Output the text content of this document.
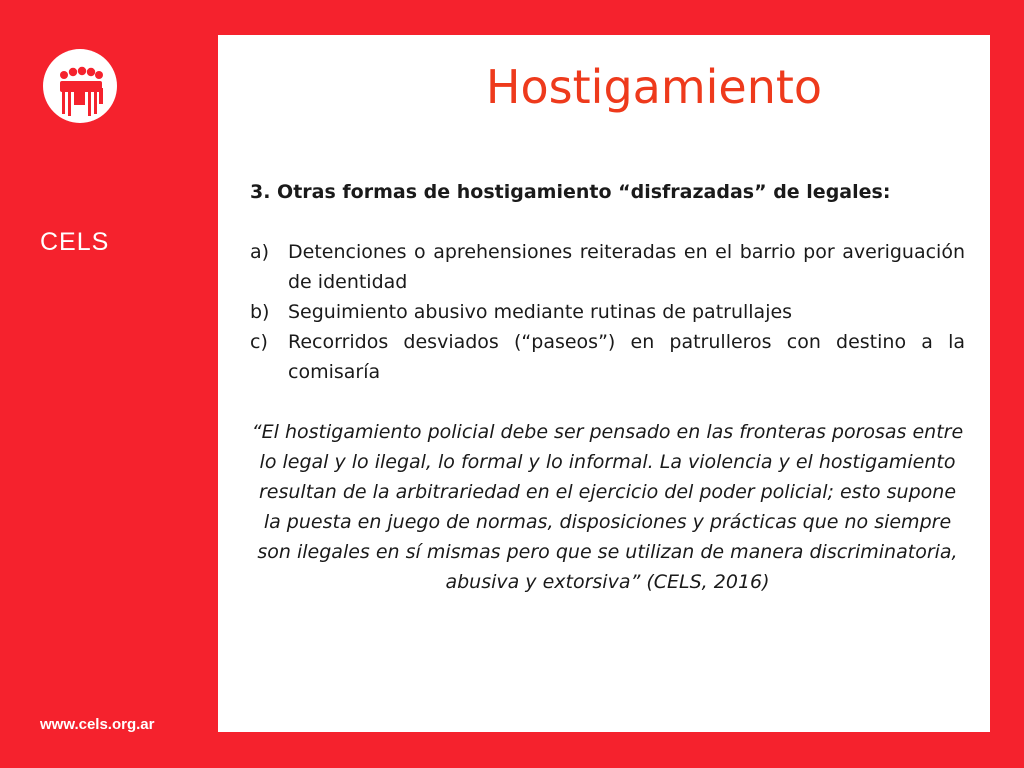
CELS
www.cels.org.ar
Hostigamiento

3. Otras formas de hostigamiento “disfrazadas” de legales:

a) Detenciones o aprehensiones reiteradas en el barrio por averiguación de identidad
b) Seguimiento abusivo mediante rutinas de patrullajes
c)	Recorridos desviados (“paseos”) en patrulleros con destino a la comisaría

“El hostigamiento policial debe ser pensado en las fronteras porosas entre lo legal y lo ilegal, lo formal y lo informal. La violencia y el hostigamiento resultan de la arbitrariedad en el ejercicio del poder policial; esto supone la puesta en juego de normas, disposiciones y prácticas que no siempre son ilegales en sí mismas pero que se utilizan de manera discriminatoria, abusiva y extorsiva” (CELS, 2016)
